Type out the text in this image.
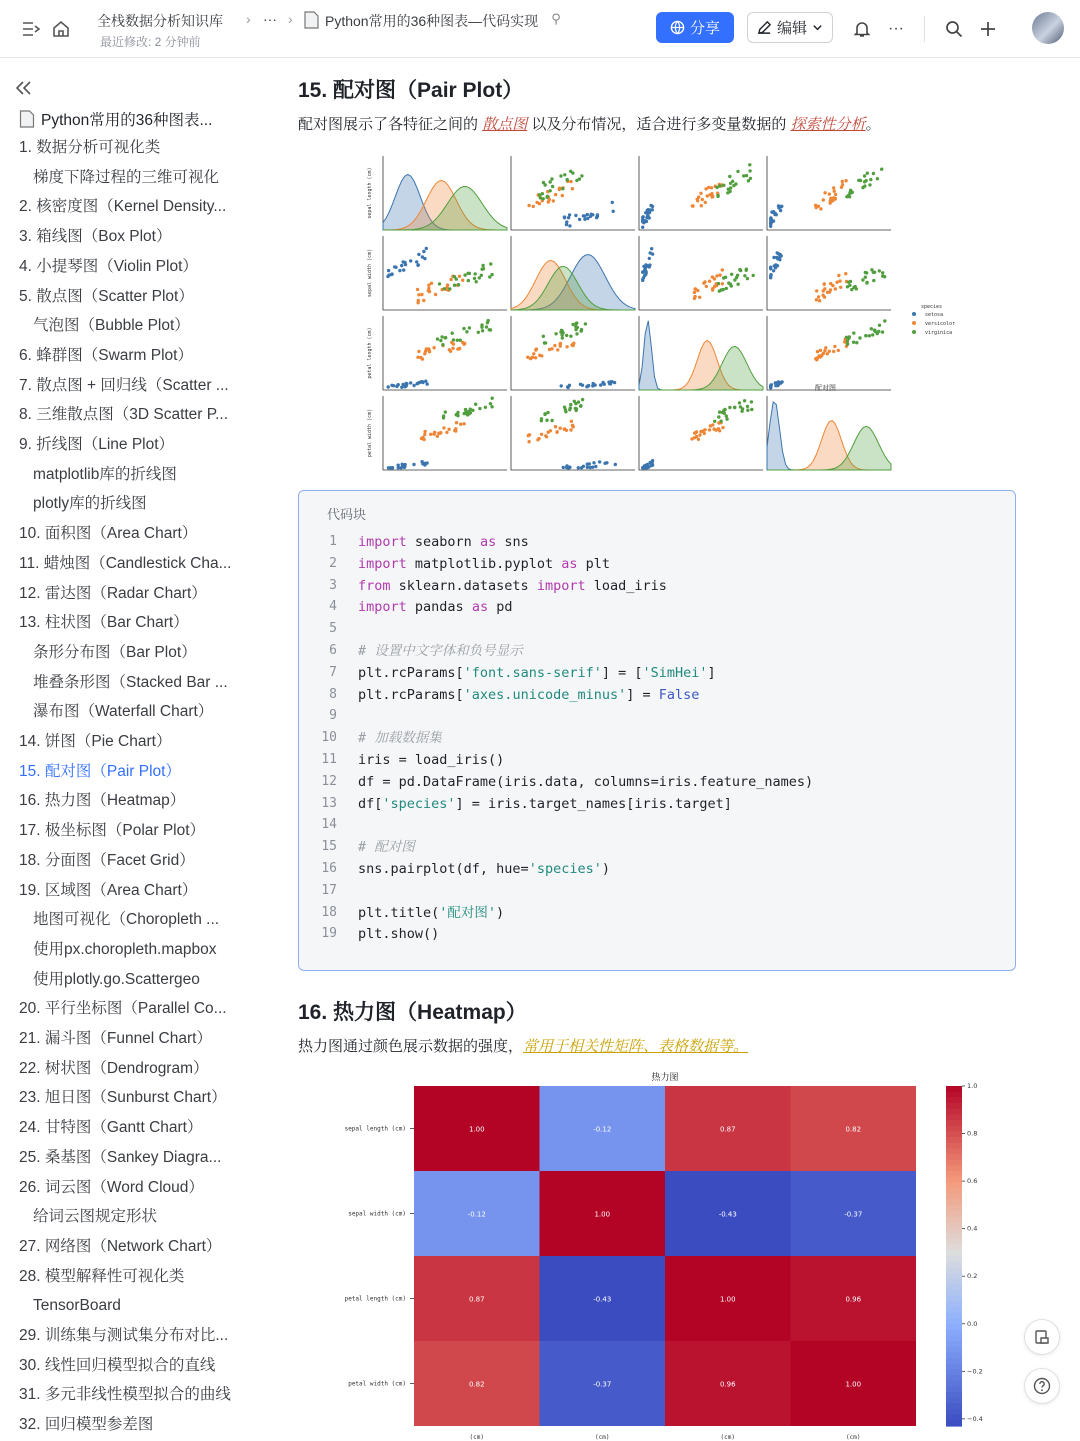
全栈数据分析知识库 › ··· › Python常用的36种图表—代码实现 ⚲
最近修改: 2 分钟前
分享	编辑	···
Python常用的36种图表...
1. 数据分析可视化类
梯度下降过程的三维可视化
2. 核密度图（Kernel Density...
3. 箱线图（Box Plot）
4. 小提琴图（Violin Plot）
5. 散点图（Scatter Plot）
气泡图（Bubble Plot）
6. 蜂群图（Swarm Plot）
7. 散点图 + 回归线（Scatter ...
8. 三维散点图（3D Scatter P...
9. 折线图（Line Plot）
matplotlib库的折线图
plotly库的折线图
10. 面积图（Area Chart）
11. 蜡烛图（Candlestick Cha...
12. 雷达图（Radar Chart）
13. 柱状图（Bar Chart）
条形分布图（Bar Plot）
堆叠条形图（Stacked Bar ...
瀑布图（Waterfall Chart）
14. 饼图（Pie Chart）
15. 配对图（Pair Plot）
16. 热力图（Heatmap）
17. 极坐标图（Polar Plot）
18. 分面图（Facet Grid）
19. 区域图（Area Chart）
地图可视化（Choropleth ...
使用px.choropleth.mapbox
使用plotly.go.Scattergeo
20. 平行坐标图（Parallel Co...
21. 漏斗图（Funnel Chart）
22. 树状图（Dendrogram）
23. 旭日图（Sunburst Chart）
24. 甘特图（Gantt Chart）
25. 桑基图（Sankey Diagra...
26. 词云图（Word Cloud）
给词云图规定形状
27. 网络图（Network Chart）
28. 模型解释性可视化类
TensorBoard
29. 训练集与测试集分布对比...
30. 线性回归模型拟合的直线
31. 多元非线性模型拟合的曲线
32. 回归模型参差图
15. 配对图（Pair Plot）
配对图展示了各特征之间的 散点图 以及分布情况，适合进行多变量数据的 探索性分析。
sepal length (cm)
sepal width (cm)
petal length (cm)
petal width (cm)
species
setosa
versicolor
virginica
配对图
代码块
1 import seaborn as sns
2 import matplotlib.pyplot as plt
3 from sklearn.datasets import load_iris
4 import pandas as pd
5
6 # 设置中文字体和负号显示
7 plt.rcParams['font.sans-serif'] = ['SimHei']
8 plt.rcParams['axes.unicode_minus'] = False
9
10 # 加载数据集
11 iris = load_iris()
12 df = pd.DataFrame(iris.data, columns=iris.feature_names)
13 df['species'] = iris.target_names[iris.target]
14
15 # 配对图
16 sns.pairplot(df, hue='species')
17
18 plt.title('配对图')
19 plt.show()
16. 热力图（Heatmap）
热力图通过颜色展示数据的强度，常用于相关性矩阵、表格数据等。
热力图
1.00	-0.12	0.87	0.82
sepal length (cm)
-0.12	1.00	-0.43	-0.37
sepal width (cm)
0.87	-0.43	1.00	0.96
petal length (cm)
0.82	-0.37	0.96	1.00
petal width (cm)
(cm)	(cm)	(cm)	(cm)
1.0
0.8
0.6
0.4
0.2
0.0
−0.2
−0.4
